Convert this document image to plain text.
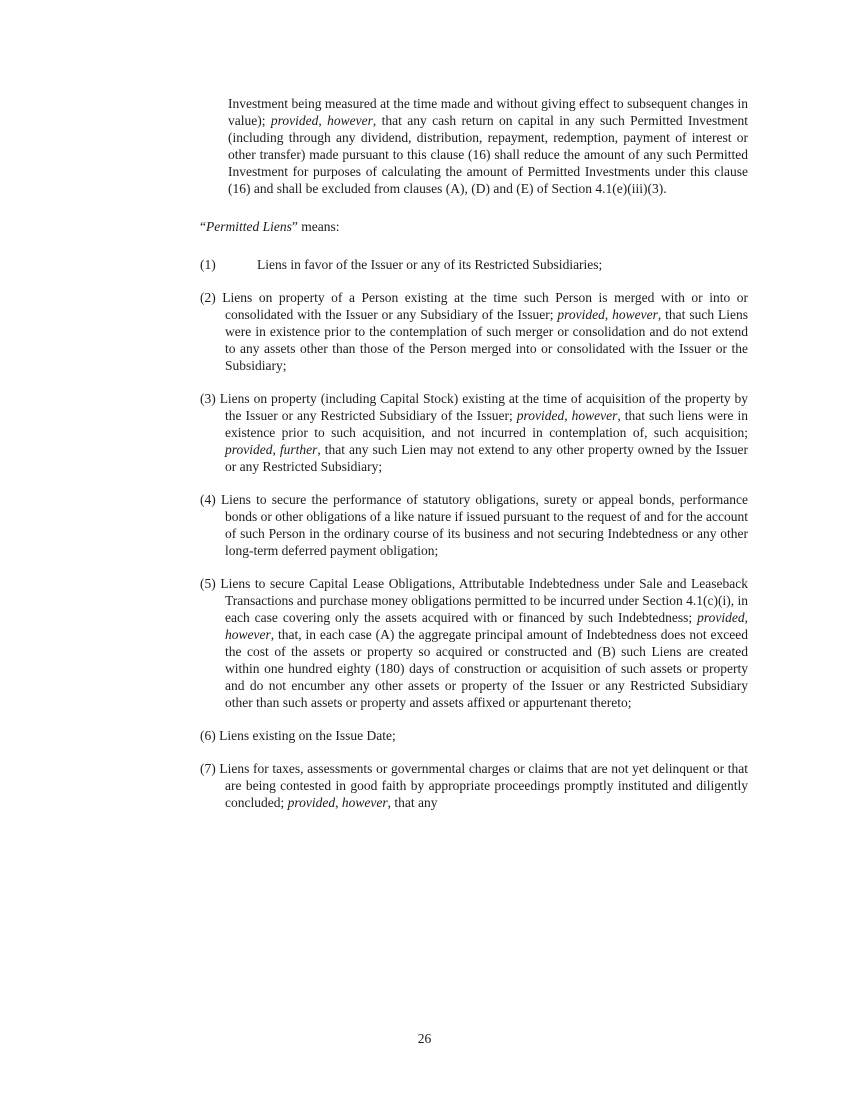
Investment being measured at the time made and without giving effect to subsequent changes in value); provided, however, that any cash return on capital in any such Permitted Investment (including through any dividend, distribution, repayment, redemption, payment of interest or other transfer) made pursuant to this clause (16) shall reduce the amount of any such Permitted Investment for purposes of calculating the amount of Permitted Investments under this clause (16) and shall be excluded from clauses (A), (D) and (E) of Section 4.1(e)(iii)(3).

“Permitted Liens” means:

(1)	Liens in favor of the Issuer or any of its Restricted Subsidiaries;

(2) Liens on property of a Person existing at the time such Person is merged with or into or consolidated with the Issuer or any Subsidiary of the Issuer; provided, however, that such Liens were in existence prior to the contemplation of such merger or consolidation and do not extend to any assets other than those of the Person merged into or consolidated with the Issuer or the Subsidiary;

(3) Liens on property (including Capital Stock) existing at the time of acquisition of the property by the Issuer or any Restricted Subsidiary of the Issuer; provided, however, that such liens were in existence prior to such acquisition, and not incurred in contemplation of, such acquisition; provided, further, that any such Lien may not extend to any other property owned by the Issuer or any Restricted Subsidiary;

(4) Liens to secure the performance of statutory obligations, surety or appeal bonds, performance bonds or other obligations of a like nature if issued pursuant to the request of and for the account of such Person in the ordinary course of its business and not securing Indebtedness or any other long-term deferred payment obligation;

(5) Liens to secure Capital Lease Obligations, Attributable Indebtedness under Sale and Leaseback Transactions and purchase money obligations permitted to be incurred under Section 4.1(c)(i), in each case covering only the assets acquired with or financed by such Indebtedness; provided, however, that, in each case (A) the aggregate principal amount of Indebtedness does not exceed the cost of the assets or property so acquired or constructed and (B) such Liens are created within one hundred eighty (180) days of construction or acquisition of such assets or property and do not encumber any other assets or property of the Issuer or any Restricted Subsidiary other than such assets or property and assets affixed or appurtenant thereto;

(6) Liens existing on the Issue Date;

(7) Liens for taxes, assessments or governmental charges or claims that are not yet delinquent or that are being contested in good faith by appropriate proceedings promptly instituted and diligently concluded; provided, however, that any

26
